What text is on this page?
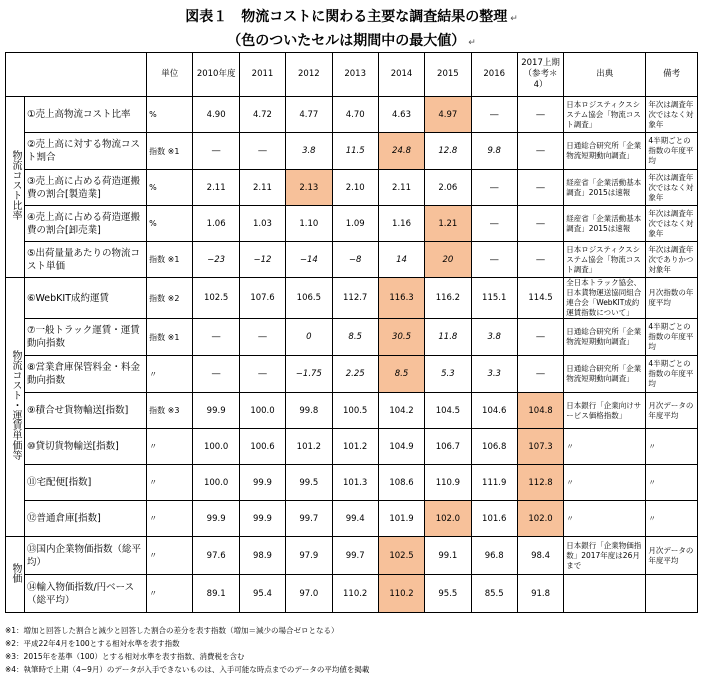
図表１　物流コストに関わる主要な調査結果の整理 ↵
（色のついたセルは期間中の最大値） ↵
		単位	2010年度	2011	2012	2013	2014	2015	2016	2017上期（参考＊4）	出典	備考
物流コスト比率	①売上高物流コスト比率	%	4.90	4.72	4.77	4.70	4.63	4.97	―	―	日本ロジスティクスシステム協会「物流コスト調査」	年次は調査年次ではなく対象年
	②売上高に対する物流コスト割合	指数 ※1	―	―	3.8	11.5	24.8	12.8	9.8	―	日通総合研究所「企業物流短期動向調査」	4半期ごとの指数の年度平均
	③売上高に占める荷造運搬費の割合[製造業]	%	2.11	2.11	2.13	2.10	2.11	2.06	―	―	経産省「企業活動基本調査」2015は速報	年次は調査年次ではなく対象年
	④売上高に占める荷造運搬費の割合[卸売業]	%	1.06	1.03	1.10	1.09	1.16	1.21	―	―	経産省「企業活動基本調査」2015は速報	年次は調査年次ではなく対象年
	⑤出荷量量あたりの物流コスト単価	指数 ※1	−23	−12	−14	−8	14	20	―	―	日本ロジスティクスシステム協会「物流コスト調査」	年次は調査年次でありかつ対象年
物流コスト・運賃単価等	⑥WebKIT成約運賃	指数 ※2	102.5	107.6	106.5	112.7	116.3	116.2	115.1	114.5	全日本トラック協会、日本貨物運送協同組合連合会「WebKIT成約運賃指数について」	月次指数の年度平均
	⑦一般トラック運賃・運賃動向指数	指数 ※1	―	―	0	8.5	30.5	11.8	3.8	―	日通総合研究所「企業物流短期動向調査」	4半期ごとの指数の年度平均
	⑧営業倉庫保管料金・料金動向指数	〃	―	―	−1.75	2.25	8.5	5.3	3.3	―	日通総合研究所「企業物流短期動向調査」	4半期ごとの指数の年度平均
	⑨積合せ貨物輸送[指数]	指数 ※3	99.9	100.0	99.8	100.5	104.2	104.5	104.6	104.8	日本銀行「企業向けサービス価格指数」	月次データの年度平均
	⑩貸切貨物輸送[指数]	〃	100.0	100.6	101.2	101.2	104.9	106.7	106.8	107.3	〃	〃
	⑪宅配便[指数]	〃	100.0	99.9	99.5	101.3	108.6	110.9	111.9	112.8	〃	〃
	⑫普通倉庫[指数]	〃	99.9	99.9	99.7	99.4	101.9	102.0	101.6	102.0	〃	〃
物価	⑬国内企業物価指数（総平均）	〃	97.6	98.9	97.9	99.7	102.5	99.1	96.8	98.4	日本銀行「企業物価指数」2017年度は26月まで	月次データの年度平均
	⑭輸入物価指数/円ベース（総平均）	〃	89.1	95.4	97.0	110.2	110.2	95.5	85.5	91.8		
※1：増加と回答した割合と減少と回答した割合の差分を表す指数（増加＝減少の場合ゼロとなる）
※2：平成22年4月を100とする相対水準を表す指数
※3：2015年を基準（100）とする相対水準を表す指数、消費税を含む
※4：執筆時で上期（4−9月）のデータが入手できないものは、入手可能な時点までのデータの平均値を掲載
